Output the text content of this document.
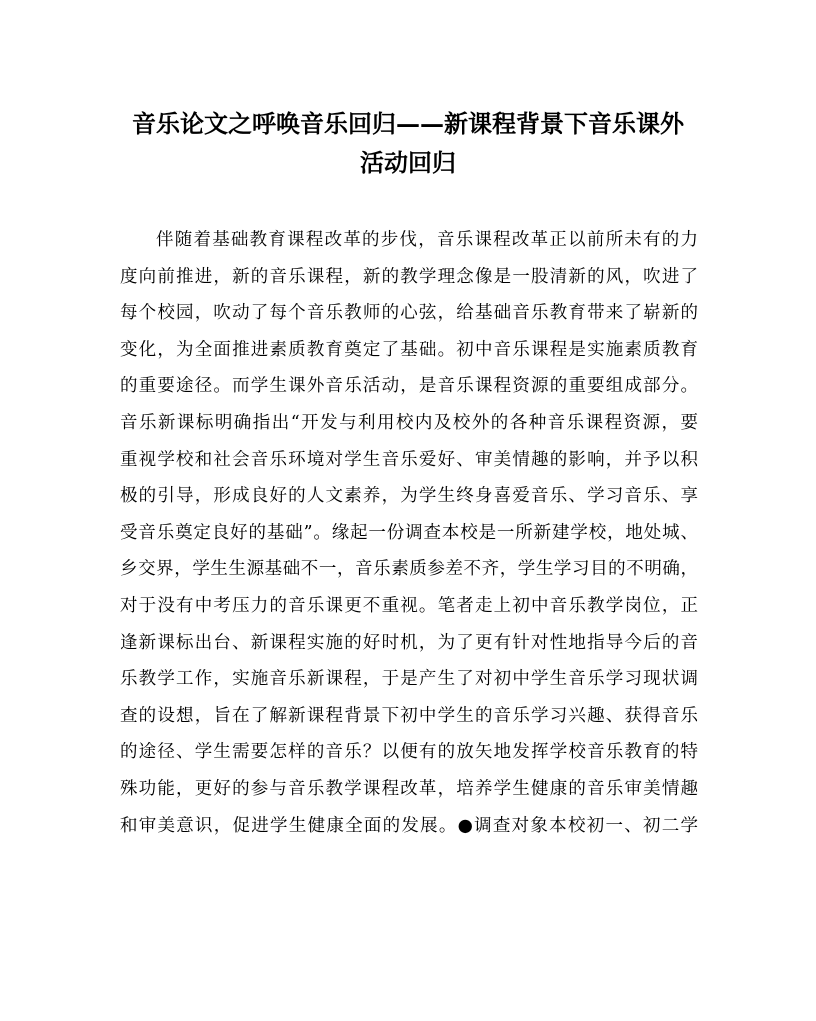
音乐论文之呼唤音乐回归——新课程背景下音乐课外
活动回归
伴随着基础教育课程改革的步伐，音乐课程改革正以前所未有的力
度向前推进，新的音乐课程，新的教学理念像是一股清新的风，吹进了
每个校园，吹动了每个音乐教师的心弦，给基础音乐教育带来了崭新的
变化，为全面推进素质教育奠定了基础。初中音乐课程是实施素质教育
的重要途径。而学生课外音乐活动，是音乐课程资源的重要组成部分。
音乐新课标明确指出“开发与利用校内及校外的各种音乐课程资源，要
重视学校和社会音乐环境对学生音乐爱好、审美情趣的影响，并予以积
极的引导，形成良好的人文素养，为学生终身喜爱音乐、学习音乐、享
受音乐奠定良好的基础”。缘起一份调查本校是一所新建学校，地处城、
乡交界，学生生源基础不一，音乐素质参差不齐，学生学习目的不明确，
对于没有中考压力的音乐课更不重视。笔者走上初中音乐教学岗位，正
逢新课标出台、新课程实施的好时机，为了更有针对性地指导今后的音
乐教学工作，实施音乐新课程，于是产生了对初中学生音乐学习现状调
查的设想，旨在了解新课程背景下初中学生的音乐学习兴趣、获得音乐
的途径、学生需要怎样的音乐？以便有的放矢地发挥学校音乐教育的特
殊功能，更好的参与音乐教学课程改革，培养学生健康的音乐审美情趣
和审美意识，促进学生健康全面的发展。●调查对象本校初一、初二学
